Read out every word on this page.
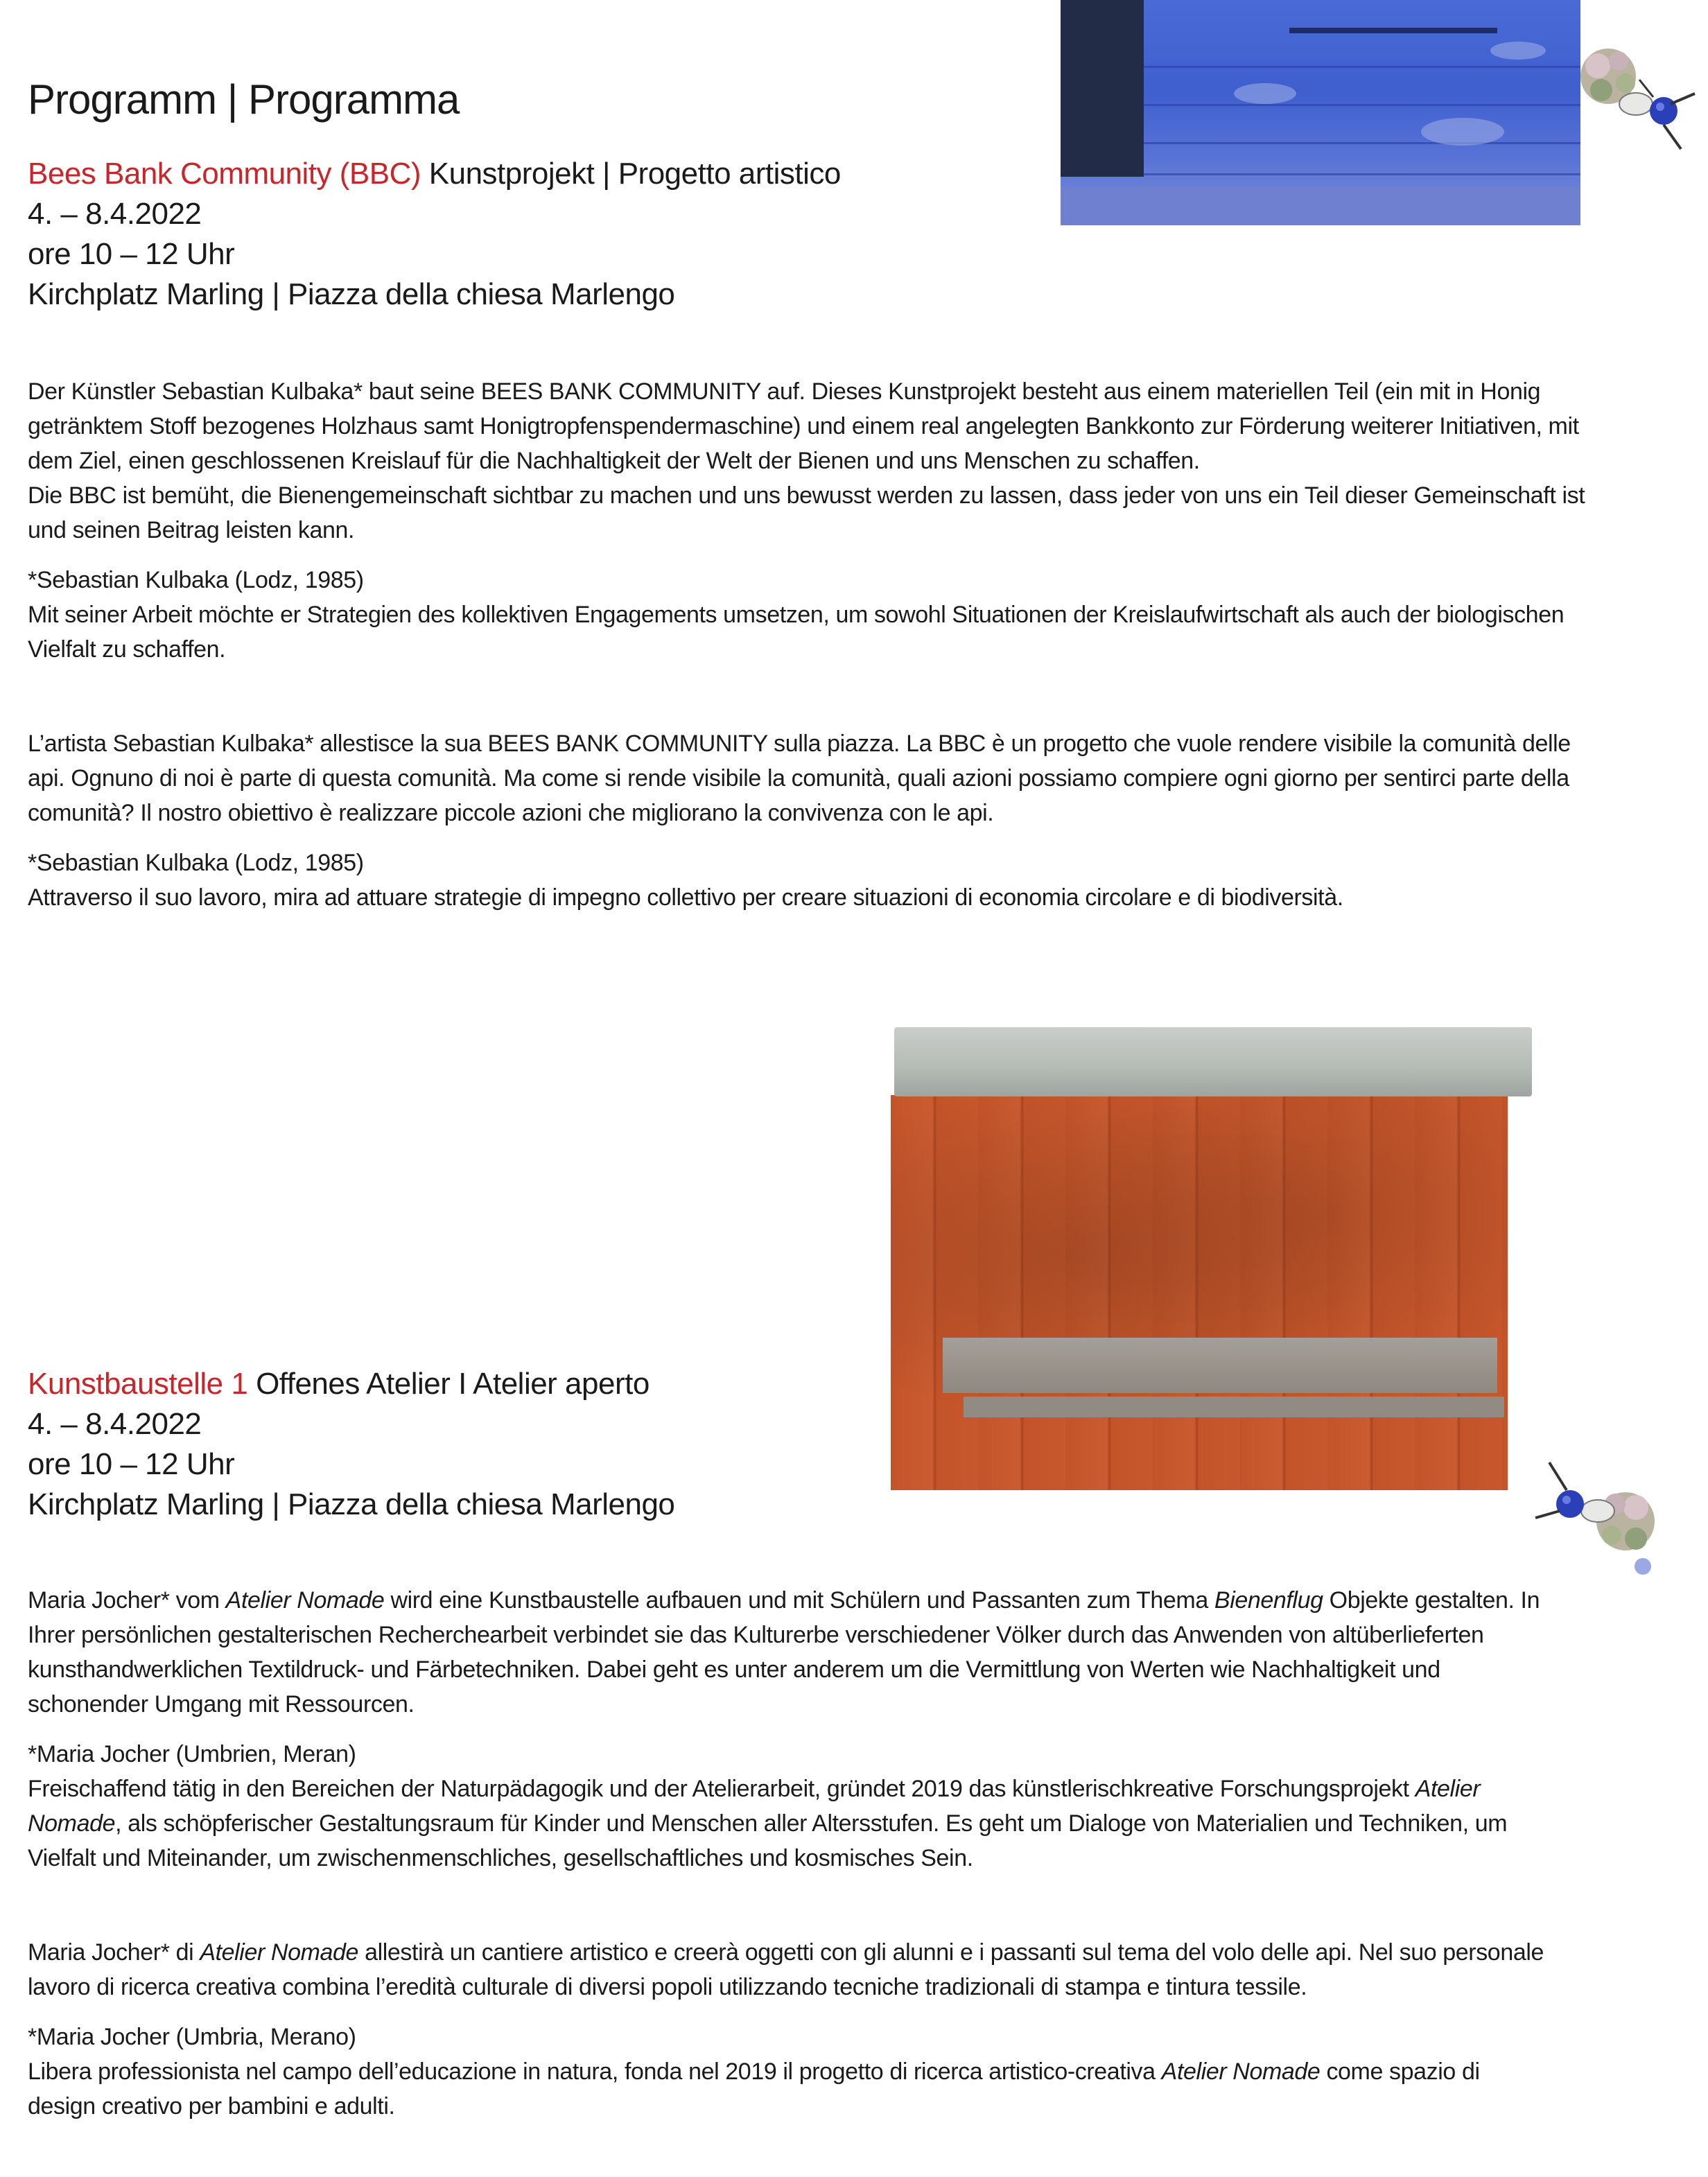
Programm | Programma
Bees Bank Community (BBC) Kunstprojekt | Progetto artistico
4. – 8.4.2022
ore 10 – 12 Uhr
Kirchplatz Marling | Piazza della chiesa Marlengo

Der Künstler Sebastian Kulbaka* baut seine BEES BANK COMMUNITY auf. Dieses Kunstprojekt besteht aus einem materiellen Teil (ein mit in Honig getränktem Stoff bezogenes Holzhaus samt Honigtropfenspendermaschine) und einem real angelegten Bankkonto zur Förderung weiterer Initiativen, mit dem Ziel, einen geschlossenen Kreislauf für die Nachhaltigkeit der Welt der Bienen und uns Menschen zu schaffen.

Die BBC ist bemüht, die Bienengemeinschaft sichtbar zu machen und uns bewusst werden zu lassen, dass jeder von uns ein Teil dieser Gemeinschaft ist und seinen Beitrag leisten kann.

*Sebastian Kulbaka (Lodz, 1985)

Mit seiner Arbeit möchte er Strategien des kollektiven Engagements umsetzen, um sowohl Situationen der Kreislaufwirtschaft als auch der biologischen Vielfalt zu schaffen.

L’artista Sebastian Kulbaka* allestisce la sua BEES BANK COMMUNITY sulla piazza. La BBC è un progetto che vuole rendere visibile la comunità delle api. Ognuno di noi è parte di questa comunità. Ma come si rende visibile la comunità, quali azioni possiamo compiere ogni giorno per sentirci parte della comunità? Il nostro obiettivo è realizzare piccole azioni che migliorano la convivenza con le api.

*Sebastian Kulbaka (Lodz, 1985)

Attraverso il suo lavoro, mira ad attuare strategie di impegno collettivo per creare situazioni di economia circolare e di biodiversità.

Kunstbaustelle 1 Offenes Atelier I Atelier aperto
4. – 8.4.2022
ore 10 – 12 Uhr
Kirchplatz Marling | Piazza della chiesa Marlengo

Maria Jocher* vom Atelier Nomade wird eine Kunstbaustelle aufbauen und mit Schülern und Passanten zum Thema Bienenflug Objekte gestalten. In Ihrer persönlichen gestalterischen Recherchearbeit verbindet sie das Kulturerbe verschiedener Völker durch das Anwenden von altüberlieferten kunsthandwerklichen Textildruck- und Färbetechniken. Dabei geht es unter anderem um die Vermittlung von Werten wie Nachhaltigkeit und schonender Umgang mit Ressourcen.

*Maria Jocher (Umbrien, Meran)

Freischaffend tätig in den Bereichen der Naturpädagogik und der Atelierarbeit, gründet 2019 das künstlerischkreative Forschungsprojekt Atelier Nomade, als schöpferischer Gestaltungsraum für Kinder und Menschen aller Altersstufen. Es geht um Dialoge von Materialien und Techniken, um Vielfalt und Miteinander, um zwischenmenschliches, gesellschaftliches und kosmisches Sein.

Maria Jocher* di Atelier Nomade allestirà un cantiere artistico e creerà oggetti con gli alunni e i passanti sul tema del volo delle api. Nel suo personale lavoro di ricerca creativa combina l’eredità culturale di diversi popoli utilizzando tecniche tradizionali di stampa e tintura tessile.

*Maria Jocher (Umbria, Merano)

Libera professionista nel campo dell’educazione in natura, fonda nel 2019 il progetto di ricerca artistico-creativa Atelier Nomade come spazio di design creativo per bambini e adulti.
